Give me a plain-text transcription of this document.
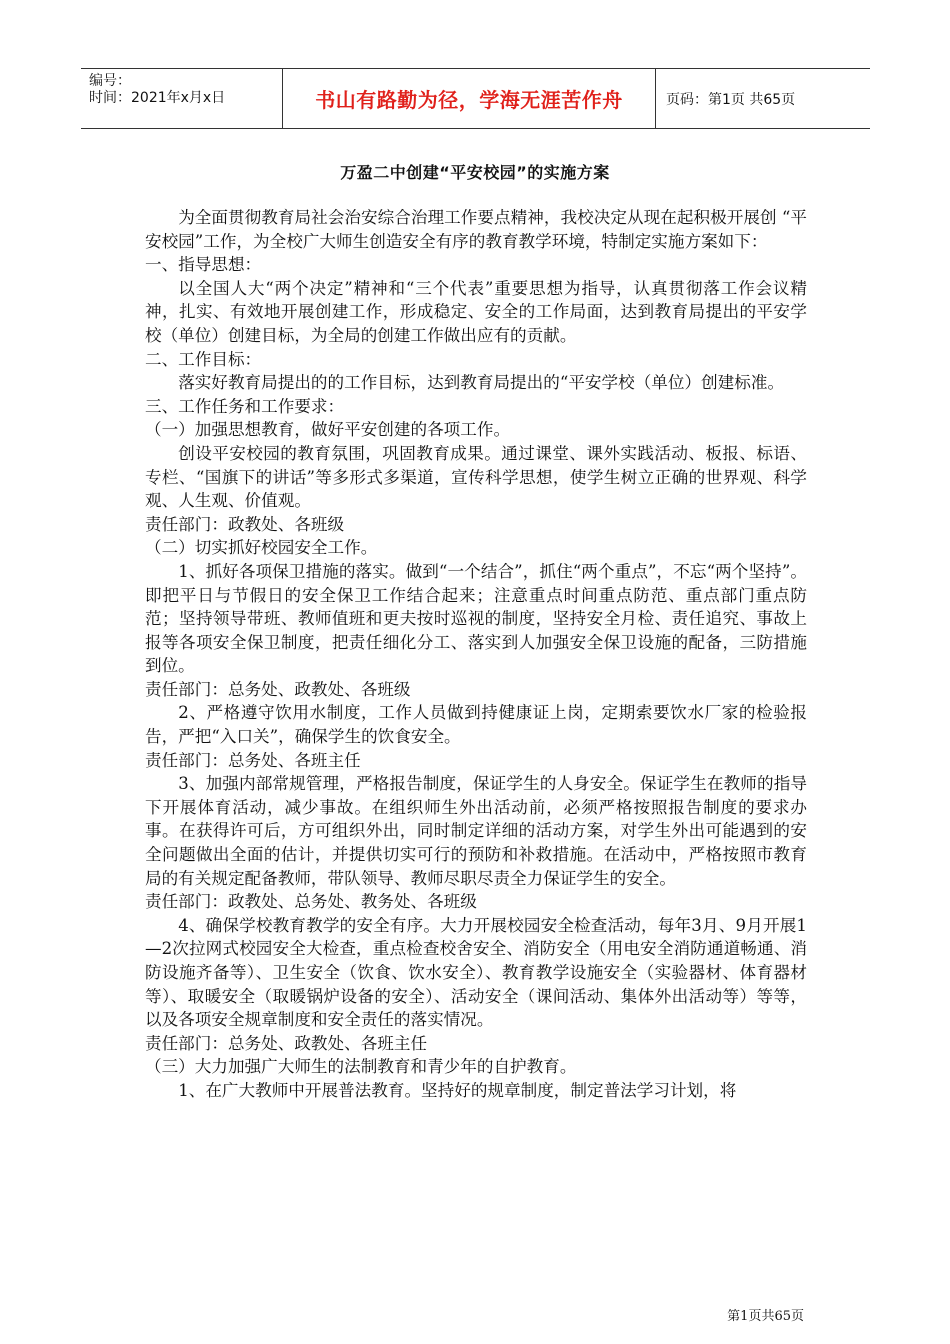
编号：
时间：2021年x月x日	书山有路勤为径，学海无涯苦作舟	页码：第1页 共65页
万盈二中创建“平安校园”的实施方案

为全面贯彻教育局社会治安综合治理工作要点精神，我校决定从现在起积极开展创 “平安校园”工作，为全校广大师生创造安全有序的教育教学环境，特制定实施方案如下：

一、指导思想：

以全国人大“两个决定”精神和“三个代表”重要思想为指导，认真贯彻落工作会议精神，扎实、有效地开展创建工作，形成稳定、安全的工作局面，达到教育局提出的平安学校（单位）创建目标，为全局的创建工作做出应有的贡献。

二、工作目标：

落实好教育局提出的的工作目标，达到教育局提出的“平安学校（单位）创建标准。

三、工作任务和工作要求：

（一）加强思想教育，做好平安创建的各项工作。

创设平安校园的教育氛围，巩固教育成果。通过课堂、课外实践活动、板报、标语、专栏、“国旗下的讲话”等多形式多渠道，宣传科学思想，使学生树立正确的世界观、科学观、人生观、价值观。

责任部门：政教处、各班级

（二）切实抓好校园安全工作。

1、抓好各项保卫措施的落实。做到“一个结合”，抓住“两个重点”，不忘“两个坚持”。即把平日与节假日的安全保卫工作结合起来；注意重点时间重点防范、重点部门重点防范；坚持领导带班、教师值班和更夫按时巡视的制度，坚持安全月检、责任追究、事故上报等各项安全保卫制度，把责任细化分工、落实到人加强安全保卫设施的配备，三防措施到位。

责任部门：总务处、政教处、各班级

2、严格遵守饮用水制度，工作人员做到持健康证上岗，定期索要饮水厂家的检验报告，严把“入口关”，确保学生的饮食安全。

责任部门：总务处、各班主任

3、加强内部常规管理，严格报告制度，保证学生的人身安全。保证学生在教师的指导下开展体育活动，减少事故。在组织师生外出活动前，必须严格按照报告制度的要求办事。在获得许可后，方可组织外出，同时制定详细的活动方案，对学生外出可能遇到的安全问题做出全面的估计，并提供切实可行的预防和补救措施。在活动中，严格按照市教育局的有关规定配备教师，带队领导、教师尽职尽责全力保证学生的安全。

责任部门：政教处、总务处、教务处、各班级

4、确保学校教育教学的安全有序。大力开展校园安全检查活动，每年3月、9月开展1—2次拉网式校园安全大检查，重点检查校舍安全、消防安全（用电安全消防通道畅通、消防设施齐备等）、卫生安全（饮食、饮水安全）、教育教学设施安全（实验器材、体育器材等）、取暖安全（取暖锅炉设备的安全）、活动安全（课间活动、集体外出活动等）等等，以及各项安全规章制度和安全责任的落实情况。

责任部门：总务处、政教处、各班主任

（三）大力加强广大师生的法制教育和青少年的自护教育。

1、在广大教师中开展普法教育。坚持好的规章制度，制定普法学习计划，将

第1页共65页
